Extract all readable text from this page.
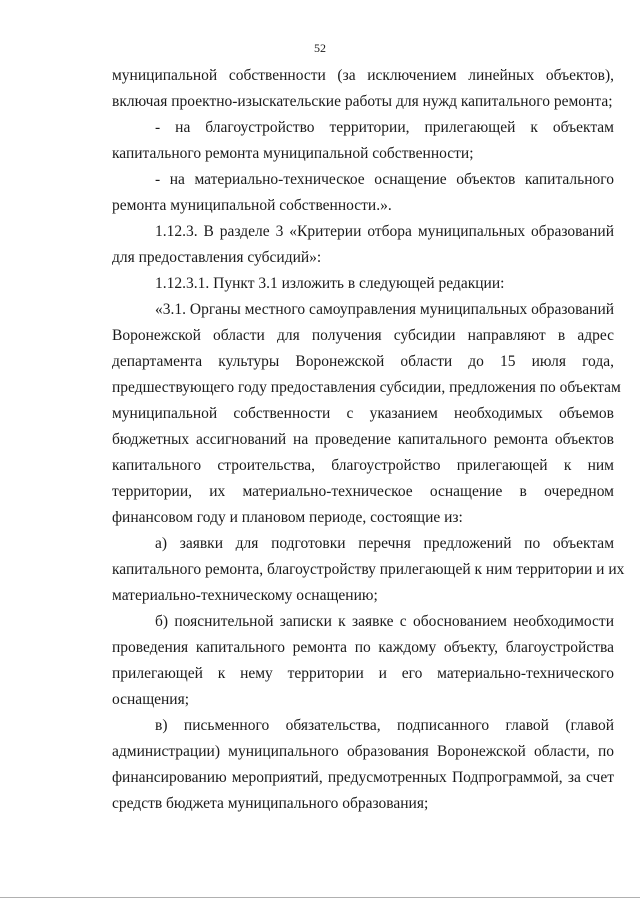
52
муниципальной собственности (за исключением линейных объектов),
включая проектно-изыскательские работы для нужд капитального ремонта;
- на благоустройство территории, прилегающей к объектам
капитального ремонта муниципальной собственности;
- на материально-техническое оснащение объектов капитального
ремонта муниципальной собственности.».
1.12.3. В разделе 3 «Критерии отбора муниципальных образований
для предоставления субсидий»:
1.12.3.1. Пункт 3.1 изложить в следующей редакции:
«3.1. Органы местного самоуправления муниципальных образований
Воронежской области для получения субсидии направляют в адрес
департамента культуры Воронежской области до 15 июля года,
предшествующего году предоставления субсидии, предложения по объектам
муниципальной собственности с указанием необходимых объемов
бюджетных ассигнований на проведение капитального ремонта объектов
капитального строительства, благоустройство прилегающей к ним
территории, их материально-техническое оснащение в очередном
финансовом году и плановом периоде, состоящие из:
а) заявки для подготовки перечня предложений по объектам
капитального ремонта, благоустройству прилегающей к ним территории и их
материально-техническому оснащению;
б) пояснительной записки к заявке с обоснованием необходимости
проведения капитального ремонта по каждому объекту, благоустройства
прилегающей к нему территории и его материально-технического
оснащения;
в) письменного обязательства, подписанного главой (главой
администрации) муниципального образования Воронежской области, по
финансированию мероприятий, предусмотренных Подпрограммой, за счет
средств бюджета муниципального образования;
